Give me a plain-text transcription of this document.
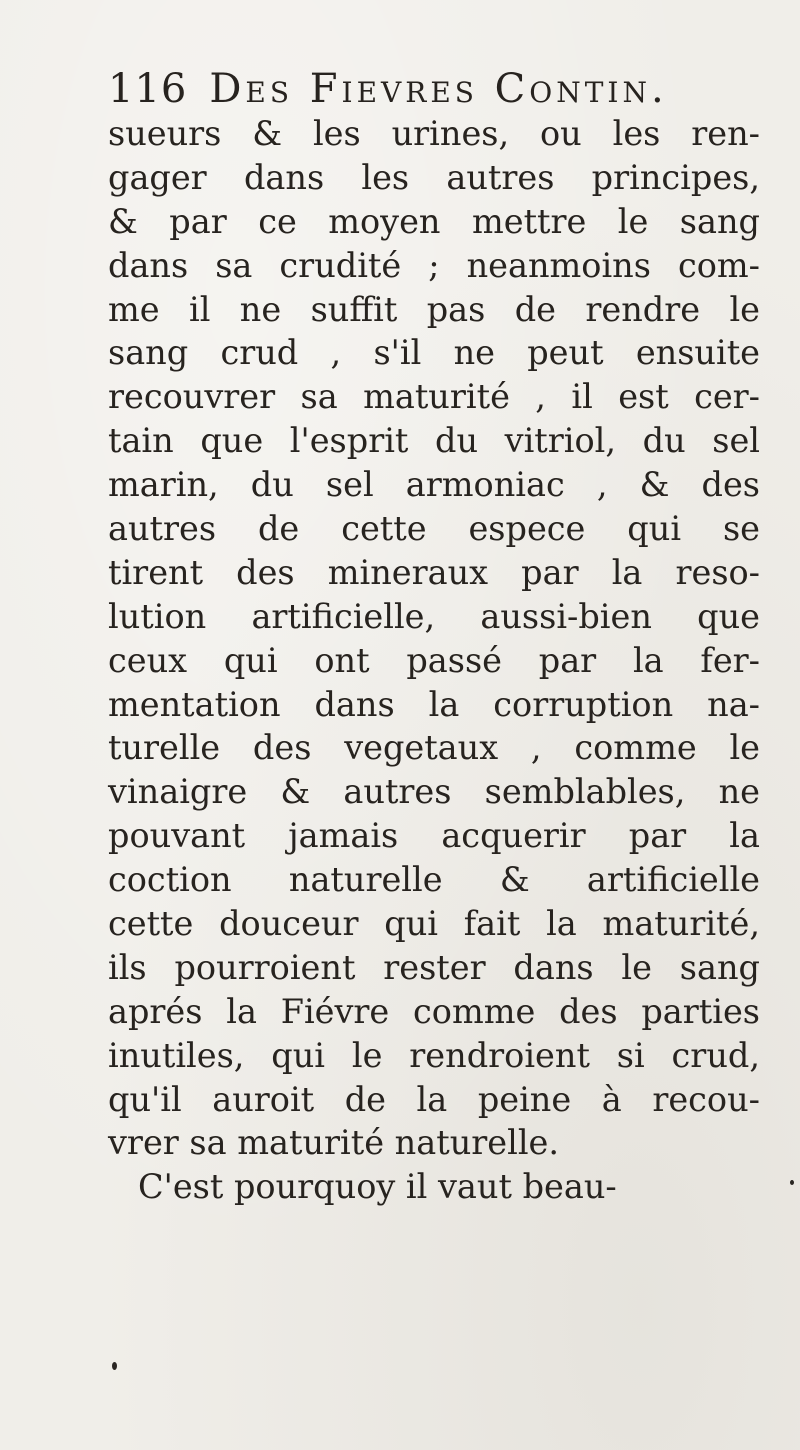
116 Des Fievres Contin.
sueurs & les urines, ou les ren-
gager dans les autres principes,
& par ce moyen mettre le sang
dans sa crudité ; neanmoins com-
me il ne suffit pas de rendre le
sang crud , s'il ne peut ensuite
recouvrer sa maturité , il est cer-
tain que l'esprit du vitriol, du sel
marin, du sel armoniac , & des
autres de cette espece qui se
tirent des mineraux par la reso-
lution artificielle, aussi-bien que
ceux qui ont passé par la fer-
mentation dans la corruption na-
turelle des vegetaux , comme le
vinaigre & autres semblables, ne
pouvant jamais acquerir par la
coction naturelle & artificielle
cette douceur qui fait la maturité,
ils pourroient rester dans le sang
aprés la Fiévre comme des parties
inutiles, qui le rendroient si crud,
qu'il auroit de la peine à recou-
vrer sa maturité naturelle.
C'est pourquoy il vaut beau-
